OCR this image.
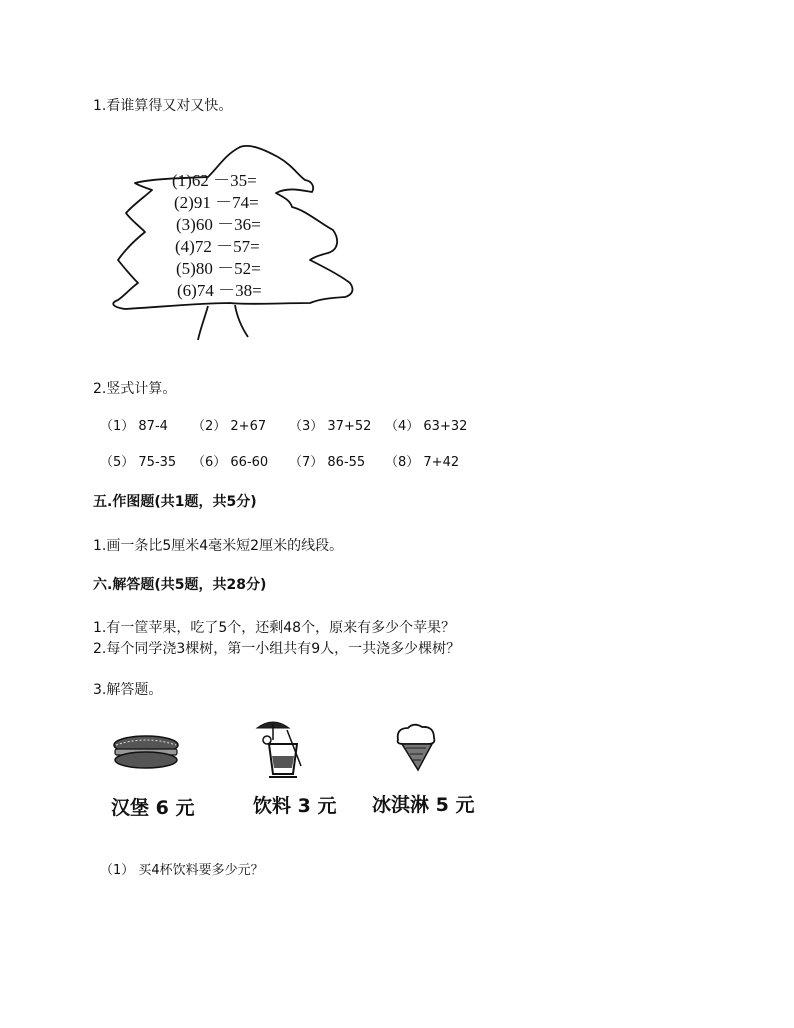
1.看谁算得又对又快。
(1)62 －35=
(2)91 －74=
(3)60 －36=
(4)72 －57=
(5)80 －52=
(6)74 －38=
2.竖式计算。
（1） 87-4 （2） 2+67 （3） 37+52 （4） 63+32
（5） 75-35 （6） 66-60 （7） 86-55 （8） 7+42
五.作图题(共1题，共5分)
1.画一条比5厘米4毫米短2厘米的线段。
六.解答题(共5题，共28分)
1.有一筐苹果，吃了5个，还剩48个，原来有多少个苹果？
2.每个同学浇3棵树，第一小组共有9人，一共浇多少棵树？
3.解答题。
汉堡 6 元	饮料 3 元 冰淇淋 5 元
（1） 买4杯饮料要多少元？
